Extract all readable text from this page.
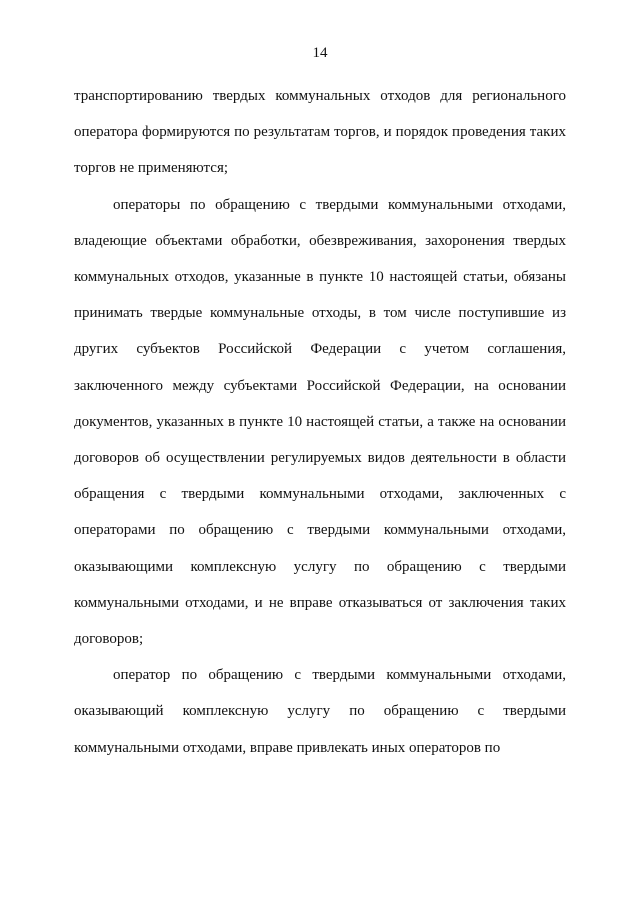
14

транспортированию твердых коммунальных отходов для регионального оператора формируются по результатам торгов, и порядок проведения таких торгов не применяются;

операторы по обращению с твердыми коммунальными отходами, владеющие объектами обработки, обезвреживания, захоронения твердых коммунальных отходов, указанные в пункте 10 настоящей статьи, обязаны принимать твердые коммунальные отходы, в том числе поступившие из других субъектов Российской Федерации с учетом соглашения, заключенного между субъектами Российской Федерации, на основании документов, указанных в пункте 10 настоящей статьи, а также на основании договоров об осуществлении регулируемых видов деятельности в области обращения с твердыми коммунальными отходами, заключенных с операторами по обращению с твердыми коммунальными отходами, оказывающими комплексную услугу по обращению с твердыми коммунальными отходами, и не вправе отказываться от заключения таких договоров;

оператор по обращению с твердыми коммунальными отходами, оказывающий комплексную услугу по обращению с твердыми коммунальными отходами, вправе привлекать иных операторов по
